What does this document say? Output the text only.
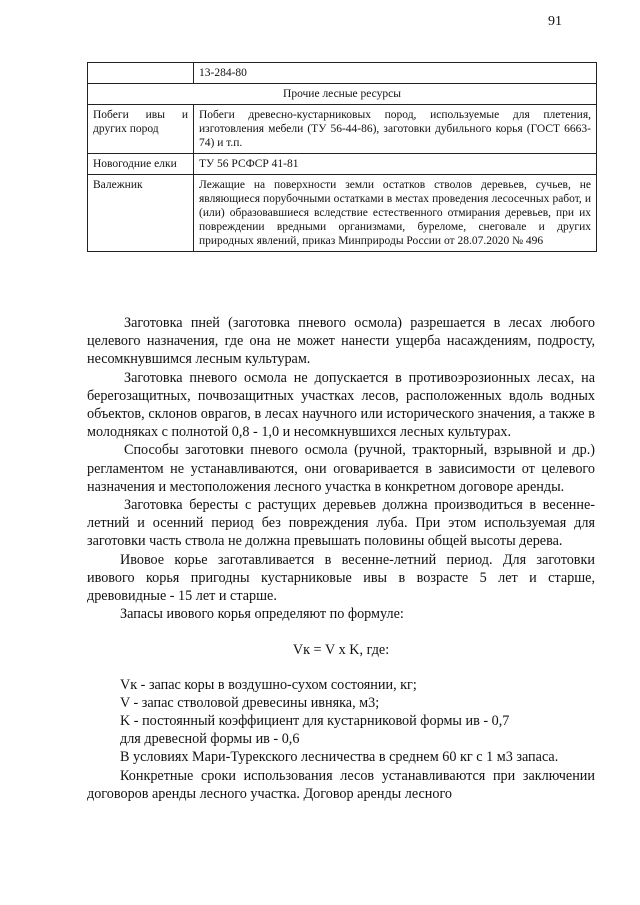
91
	13-284-80
Прочие лесные ресурсы	
Побеги ивы и других пород	Побеги древесно-кустарниковых пород, используемые для плетения, изготовления мебели (ТУ 56-44-86), заготовки дубильного корья (ГОСТ 6663-74) и т.п.
Новогодние елки	ТУ 56 РСФСР 41-81
Валежник	Лежащие на поверхности земли остатков стволов деревьев, сучьев, не являющиеся порубочными остатками в местах проведения лесосечных работ, и (или) образовавшиеся вследствие естественного отмирания деревьев, при их повреждении вредными организмами, буреломе, снеговале и других природных явлений, приказ Минприроды России от 28.07.2020 № 496

Заготовка пней (заготовка пневого осмола) разрешается в лесах любого целевого назначения, где она не может нанести ущерба насаждениям, подросту, несомкнувшимся лесным культурам.

Заготовка пневого осмола не допускается в противоэрозионных лесах, на берегозащитных, почвозащитных участках лесов, расположенных вдоль водных объектов, склонов оврагов, в лесах научного или исторического значения, а также в молодняках с полнотой 0,8 - 1,0 и несомкнувшихся лесных культурах.

Способы заготовки пневого осмола (ручной, тракторный, взрывной и др.) регламентом не устанавливаются, они оговаривается в зависимости от целевого назначения и местоположения лесного участка в конкретном договоре аренды.

Заготовка бересты с растущих деревьев должна производиться в весенне-летний и осенний период без повреждения луба. При этом используемая для заготовки часть ствола не должна превышать половины общей высоты дерева.

Ивовое корье заготавливается в весенне-летний период. Для заготовки ивового корья пригодны кустарниковые ивы в возрасте 5 лет и старше, древовидные - 15 лет и старше.

Запасы ивового корья определяют по формуле:

Vк = V x K, где:

Vк - запас коры в воздушно-сухом состоянии, кг;

V - запас стволовой древесины ивняка, м3;

K - постоянный коэффициент для кустарниковой формы ив - 0,7

для древесной формы ив - 0,6

В условиях Мари-Турекского лесничества в среднем 60 кг с 1 м3 запаса.

Конкретные сроки использования лесов устанавливаются при заключении договоров аренды лесного участка. Договор аренды лесного
